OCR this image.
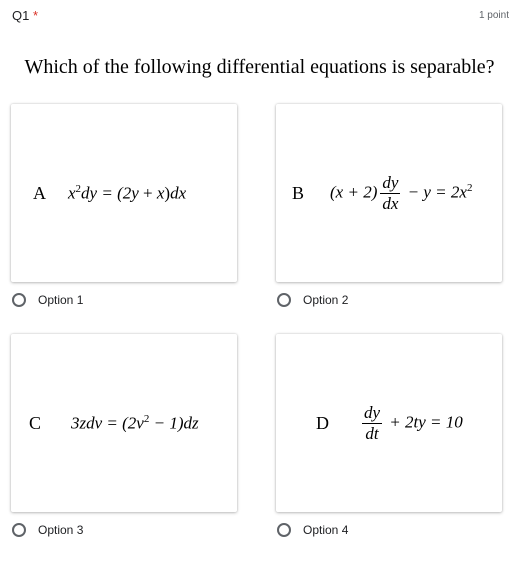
Q1 *	1 point
Which of the following differential equations is separable?
A $x^2dy = (2y + x)dx$	B $(x + 2) \frac{dy}{dx} - y = 2x^2$
C $3zdv = (2v^2 - 1)dz$	D $\frac{dy}{dt} + 2ty = 10$
Option 1	Option 2
Option 3	Option 4
